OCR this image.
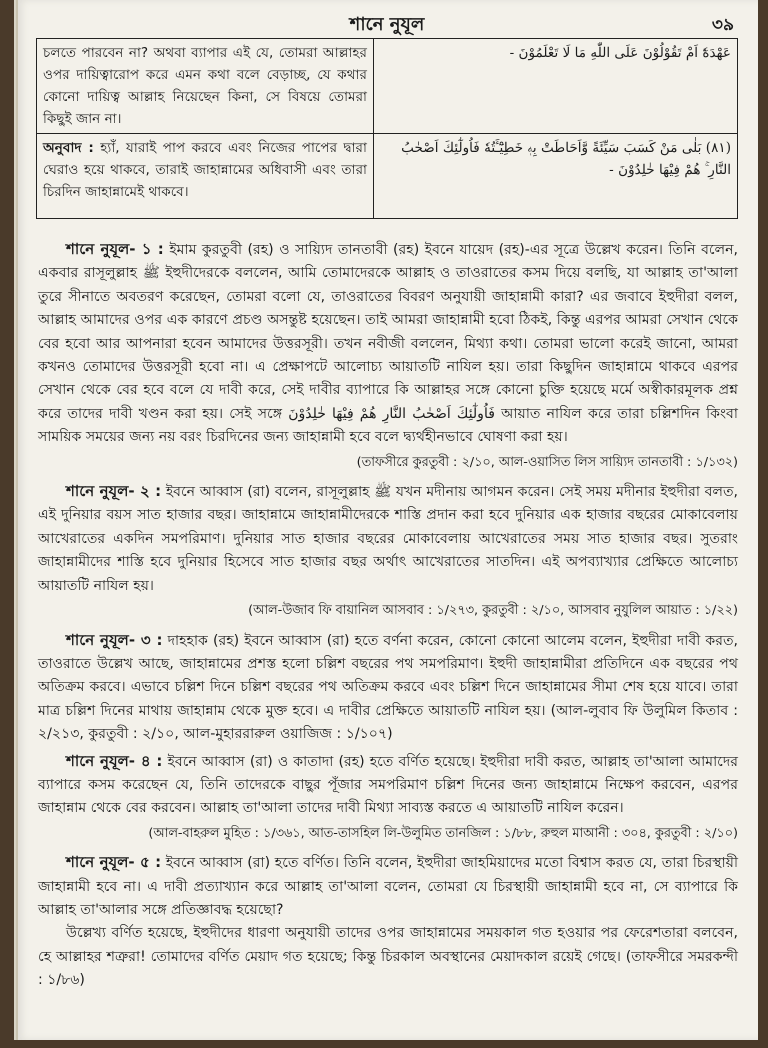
শানে নুযূল	৩৯
চলতে পারবেন না? অথবা ব্যাপার এই যে, তোমরা আল্লাহর ওপর দায়িত্বারোপ করে এমন কথা বলে বেড়াচ্ছ, যে কথার কোনো দায়িত্ব আল্লাহ নিয়েছেন কিনা, সে বিষয়ে তোমরা কিছুই জান না।	عَهْدَهٗٓ اَمْ تَقُوْلُوْنَ عَلَى اللّٰهِ مَا لَا تَعْلَمُوْنَ -
অনুবাদ : হ্যাঁ, যারাই পাপ করবে এবং নিজের পাপের দ্বারা ঘেরাও হয়ে থাকবে, তারাই জাহান্নামের অধিবাসী এবং তারা চিরদিন জাহান্নামেই থাকবে।	(٨١) بَلٰى مَنْ كَسَبَ سَيِّئَةً وَّاَحَاطَتْ بِهٖ خَطِيْٓـَٔتُهٗ فَاُولٰٓئِكَ اَصْحٰبُ النَّارِ ۚ هُمْ فِيْهَا خٰلِدُوْنَ -

শানে নুযূল- ১ : ইমাম কুরতুবী (রহ) ও সায়্যিদ তানতাবী (রহ) ইবনে যায়েদ (রহ)-এর সূত্রে উল্লেখ করেন। তিনি বলেন, একবার রাসূলুল্লাহ ﷺ ইহুদীদেরকে বললেন, আমি তোমাদেরকে আল্লাহ ও তাওরাতের কসম দিয়ে বলছি, যা আল্লাহ তা'আলা তুরে সীনাতে অবতরণ করেছেন, তোমরা বলো যে, তাওরাতের বিবরণ অনুযায়ী জাহান্নামী কারা? এর জবাবে ইহুদীরা বলল, আল্লাহ আমাদের ওপর এক কারণে প্রচণ্ড অসন্তুষ্ট হয়েছেন। তাই আমরা জাহান্নামী হবো ঠিকই, কিন্তু এরপর আমরা সেখান থেকে বের হবো আর আপনারা হবেন আমাদের উত্তরসূরী। তখন নবীজী বললেন, মিথ্যা কথা। তোমরা ভালো করেই জানো, আমরা কখনও তোমাদের উত্তরসূরী হবো না। এ প্রেক্ষাপটে আলোচ্য আয়াতটি নাযিল হয়। তারা কিছুদিন জাহান্নামে থাকবে এরপর সেখান থেকে বের হবে বলে যে দাবী করে, সেই দাবীর ব্যাপারে কি আল্লাহর সঙ্গে কোনো চুক্তি হয়েছে মর্মে অস্বীকারমূলক প্রশ্ন করে তাদের দাবী খণ্ডন করা হয়। সেই সঙ্গে فَاُولٰٓئِكَ اَصْحٰبُ النَّارِ هُمْ فِيْهَا خٰلِدُوْنَ আয়াত নাযিল করে তারা চল্লিশদিন কিংবা সাময়িক সময়ের জন্য নয় বরং চিরদিনের জন্য জাহান্নামী হবে বলে দ্ব্যর্থহীনভাবে ঘোষণা করা হয়।

(তাফসীরে কুরতুবী : ২/১০, আল-ওয়াসিত লিস সায়্যিদ তানতাবী : ১/১৩২)

শানে নুযূল- ২ : ইবনে আব্বাস (রা) বলেন, রাসূলুল্লাহ ﷺ যখন মদীনায় আগমন করেন। সেই সময় মদীনার ইহুদীরা বলত, এই দুনিয়ার বয়স সাত হাজার বছর। জাহান্নামে জাহান্নামীদেরকে শাস্তি প্রদান করা হবে দুনিয়ার এক হাজার বছরের মোকাবেলায় আখেরাতের একদিন সমপরিমাণ। দুনিয়ার সাত হাজার বছরের মোকাবেলায় আখেরাতের সময় সাত হাজার বছর। সুতরাং জাহান্নামীদের শাস্তি হবে দুনিয়ার হিসেবে সাত হাজার বছর অর্থাৎ আখেরাতের সাতদিন। এই অপব্যাখ্যার প্রেক্ষিতে আলোচ্য আয়াতটি নাযিল হয়।

(আল-উজাব ফি বায়ানিল আসবাব : ১/২৭৩, কুরতুবী : ২/১০, আসবাব নুযুলিল আয়াত : ১/২২)

শানে নুযূল- ৩ : দাহহাক (রহ) ইবনে আব্বাস (রা) হতে বর্ণনা করেন, কোনো কোনো আলেম বলেন, ইহুদীরা দাবী করত, তাওরাতে উল্লেখ আছে, জাহান্নামের প্রশস্ত হলো চল্লিশ বছরের পথ সমপরিমাণ। ইহুদী জাহান্নামীরা প্রতিদিনে এক বছরের পথ অতিক্রম করবে। এভাবে চল্লিশ দিনে চল্লিশ বছরের পথ অতিক্রম করবে এবং চল্লিশ দিনে জাহান্নামের সীমা শেষ হয়ে যাবে। তারা মাত্র চল্লিশ দিনের মাথায় জাহান্নাম থেকে মুক্ত হবে। এ দাবীর প্রেক্ষিতে আয়াতটি নাযিল হয়। (আল-লুবাব ফি উলুমিল কিতাব : ২/২১৩, কুরতুবী : ২/১০, আল-মুহাররারুল ওয়াজিজ : ১/১০৭)

শানে নুযূল- ৪ : ইবনে আব্বাস (রা) ও কাতাদা (রহ) হতে বর্ণিত হয়েছে। ইহুদীরা দাবী করত, আল্লাহ তা'আলা আমাদের ব্যাপারে কসম করেছেন যে, তিনি তাদেরকে বাছুর পূঁজার সমপরিমাণ চল্লিশ দিনের জন্য জাহান্নামে নিক্ষেপ করবেন, এরপর জাহান্নাম থেকে বের করবেন। আল্লাহ তা'আলা তাদের দাবী মিথ্যা সাব্যস্ত করতে এ আয়াতটি নাযিল করেন।

(আল-বাহরুল মুহিত : ১/৩৬১, আত-তাসহিল লি-উলুমিত তানজিল : ১/৮৮, রুহুল মাআনী : ৩০৪, কুরতুবী : ২/১০)

শানে নুযূল- ৫ : ইবনে আব্বাস (রা) হতে বর্ণিত। তিনি বলেন, ইহুদীরা জাহমিয়াদের মতো বিশ্বাস করত যে, তারা চিরস্থায়ী জাহান্নামী হবে না। এ দাবী প্রত্যাখ্যান করে আল্লাহ তা'আলা বলেন, তোমরা যে চিরস্থায়ী জাহান্নামী হবে না, সে ব্যাপারে কি আল্লাহ তা'আলার সঙ্গে প্রতিজ্ঞাবদ্ধ হয়েছো?

উল্লেখ্য বর্ণিত হয়েছে, ইহুদীদের ধারণা অনুযায়ী তাদের ওপর জাহান্নামের সময়কাল গত হওয়ার পর ফেরেশতারা বলবেন, হে আল্লাহর শত্রুরা! তোমাদের বর্ণিত মেয়াদ গত হয়েছে; কিন্তু চিরকাল অবস্থানের মেয়াদকাল রয়েই গেছে। (তাফসীরে সমরকন্দী : ১/৮৬)
